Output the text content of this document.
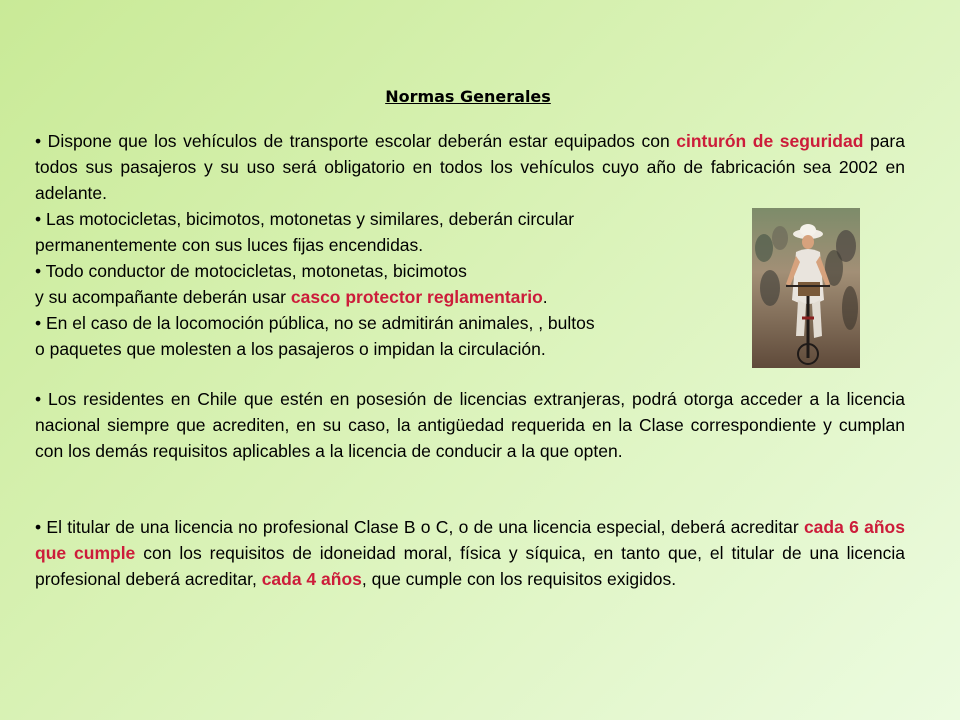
Normas Generales

• Dispone que los vehículos de transporte escolar deberán estar equipados con cinturón de seguridad para todos sus pasajeros y su uso será obligatorio en todos los vehículos cuyo año de fabricación sea 2002 en adelante.

• Las motocicletas, bicimotos, motonetas y similares, deberán circular
permanentemente con sus luces fijas encendidas.

• Todo conductor de motocicletas, motonetas, bicimotos
y su acompañante deberán usar casco protector reglamentario.

• En el caso de la locomoción pública, no se admitirán animales, , bultos
o paquetes que molesten a los pasajeros o impidan la circulación.

• Los residentes en Chile que estén en posesión de licencias extranjeras, podrá otorga acceder a la licencia nacional siempre que acrediten, en su caso, la antigüedad requerida en la Clase correspondiente y cumplan con los demás requisitos aplicables a la licencia de conducir a la que opten.

• El titular de una licencia no profesional Clase B o C, o de una licencia especial, deberá acreditar cada 6 años que cumple con los requisitos de idoneidad moral, física y síquica, en tanto que, el titular de una licencia profesional deberá acreditar, cada 4 años, que cumple con los requisitos exigidos.
